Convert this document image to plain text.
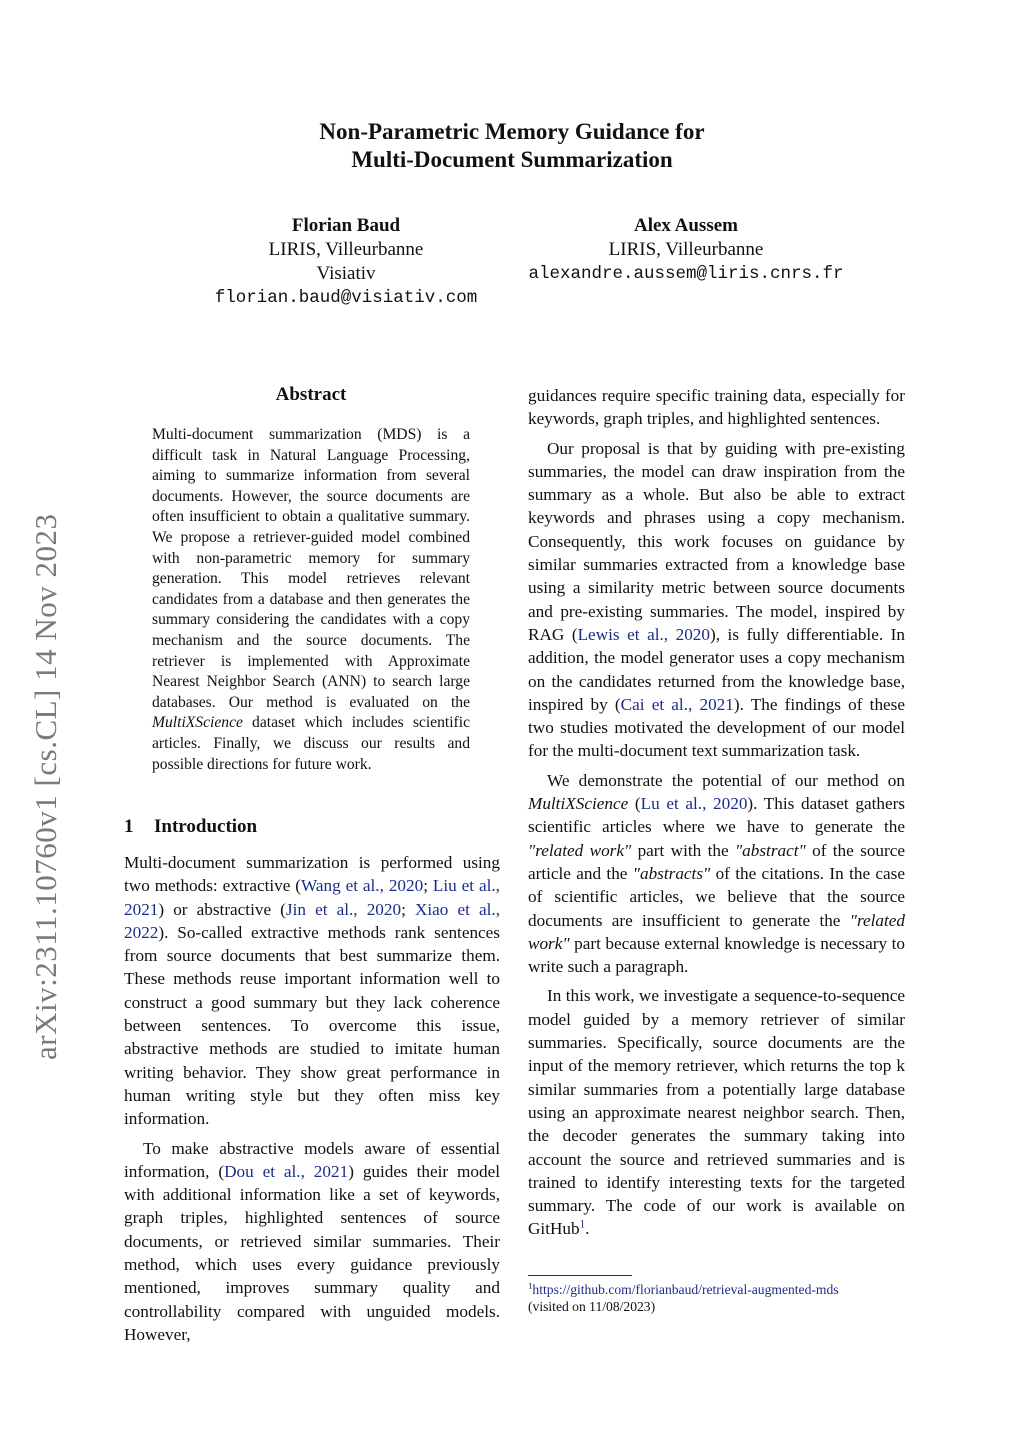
arXiv:2311.10760v1 [cs.CL] 14 Nov 2023
Non-Parametric Memory Guidance for
Multi-Document Summarization
Florian Baud
LIRIS, Villeurbanne
Visiativ
florian.baud@visiativ.com
Alex Aussem
LIRIS, Villeurbanne
alexandre.aussem@liris.cnrs.fr
Abstract
Multi-document summarization (MDS) is a difficult task in Natural Language Processing, aiming to summarize information from several documents. However, the source documents are often insufficient to obtain a qualitative summary. We propose a retriever-guided model combined with non-parametric memory for summary generation. This model retrieves relevant candidates from a database and then generates the summary considering the candidates with a copy mechanism and the source documents. The retriever is implemented with Approximate Nearest Neighbor Search (ANN) to search large databases. Our method is evaluated on the MultiXScience dataset which includes scientific articles. Finally, we discuss our results and possible directions for future work.
1 Introduction

Multi-document summarization is performed using two methods: extractive (Wang et al., 2020; Liu et al., 2021) or abstractive (Jin et al., 2020; Xiao et al., 2022). So-called extractive methods rank sentences from source documents that best summarize them. These methods reuse important information well to construct a good summary but they lack coherence between sentences. To overcome this issue, abstractive methods are studied to imitate human writing behavior. They show great performance in human writing style but they often miss key information.

To make abstractive models aware of essential information, (Dou et al., 2021) guides their model with additional information like a set of keywords, graph triples, highlighted sentences of source documents, or retrieved similar summaries. Their method, which uses every guidance previously mentioned, improves summary quality and controllability compared with unguided models. However,

guidances require specific training data, especially for keywords, graph triples, and highlighted sentences.

Our proposal is that by guiding with pre-existing summaries, the model can draw inspiration from the summary as a whole. But also be able to extract keywords and phrases using a copy mechanism. Consequently, this work focuses on guidance by similar summaries extracted from a knowledge base using a similarity metric between source documents and pre-existing summaries. The model, inspired by RAG (Lewis et al., 2020), is fully differentiable. In addition, the model generator uses a copy mechanism on the candidates returned from the knowledge base, inspired by (Cai et al., 2021). The findings of these two studies motivated the development of our model for the multi-document text summarization task.

We demonstrate the potential of our method on MultiXScience (Lu et al., 2020). This dataset gathers scientific articles where we have to generate the "related work" part with the "abstract" of the source article and the "abstracts" of the citations. In the case of scientific articles, we believe that the source documents are insufficient to generate the "related work" part because external knowledge is necessary to write such a paragraph.

In this work, we investigate a sequence-to-sequence model guided by a memory retriever of similar summaries. Specifically, source documents are the input of the memory retriever, which returns the top k similar summaries from a potentially large database using an approximate nearest neighbor search. Then, the decoder generates the summary taking into account the source and retrieved summaries and is trained to identify interesting texts for the targeted summary. The code of our work is available on GitHub$^1$.

$^1$https://github.com/florianbaud/retrieval-augmented-mds
(visited on 11/08/2023)
